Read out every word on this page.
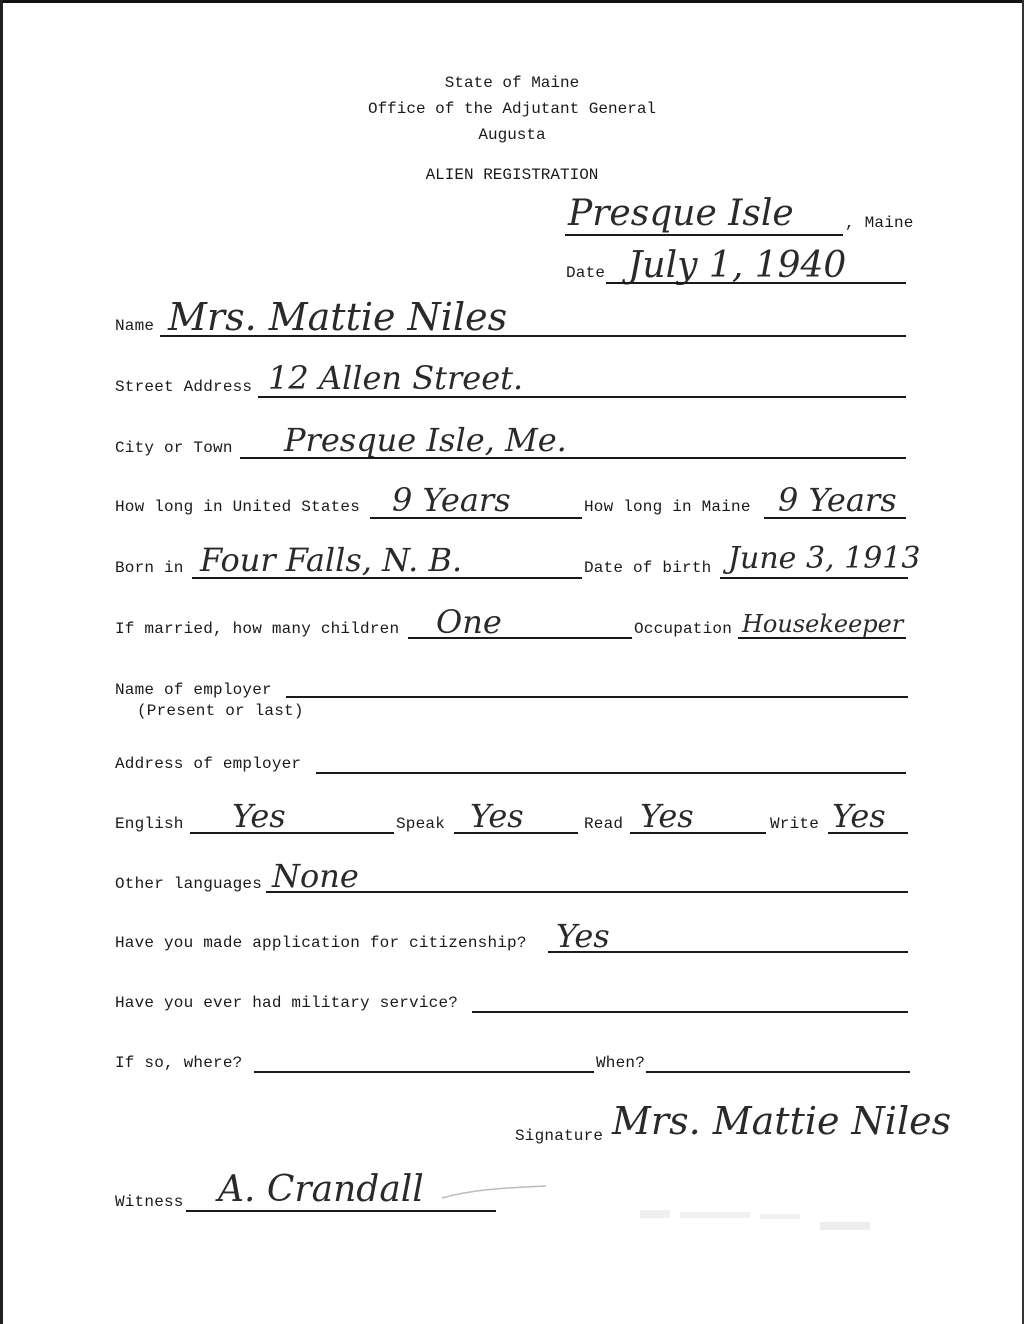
State of Maine
Office of the Adjutant General
Augusta
ALIEN REGISTRATION
Presque Isle	, Maine
Date July 1, 1940
Name Mrs. Mattie Niles
Street Address 12 Allen Street.
City or Town Presque Isle, Me.
How long in United States 9 Years	How long in Maine 9 Years
Born in Four Falls, N. B.	Date of birth June 3, 1913
If married, how many children One	Occupation Housekeeper
Name of employer
(Present or last)
Address of employer
English Yes	Speak Yes	Read Yes	Write Yes
Other languages None
Have you made application for citizenship? Yes
Have you ever had military service?
If so, where?	When?
Signature Mrs. Mattie Niles
Witness A. Crandall
